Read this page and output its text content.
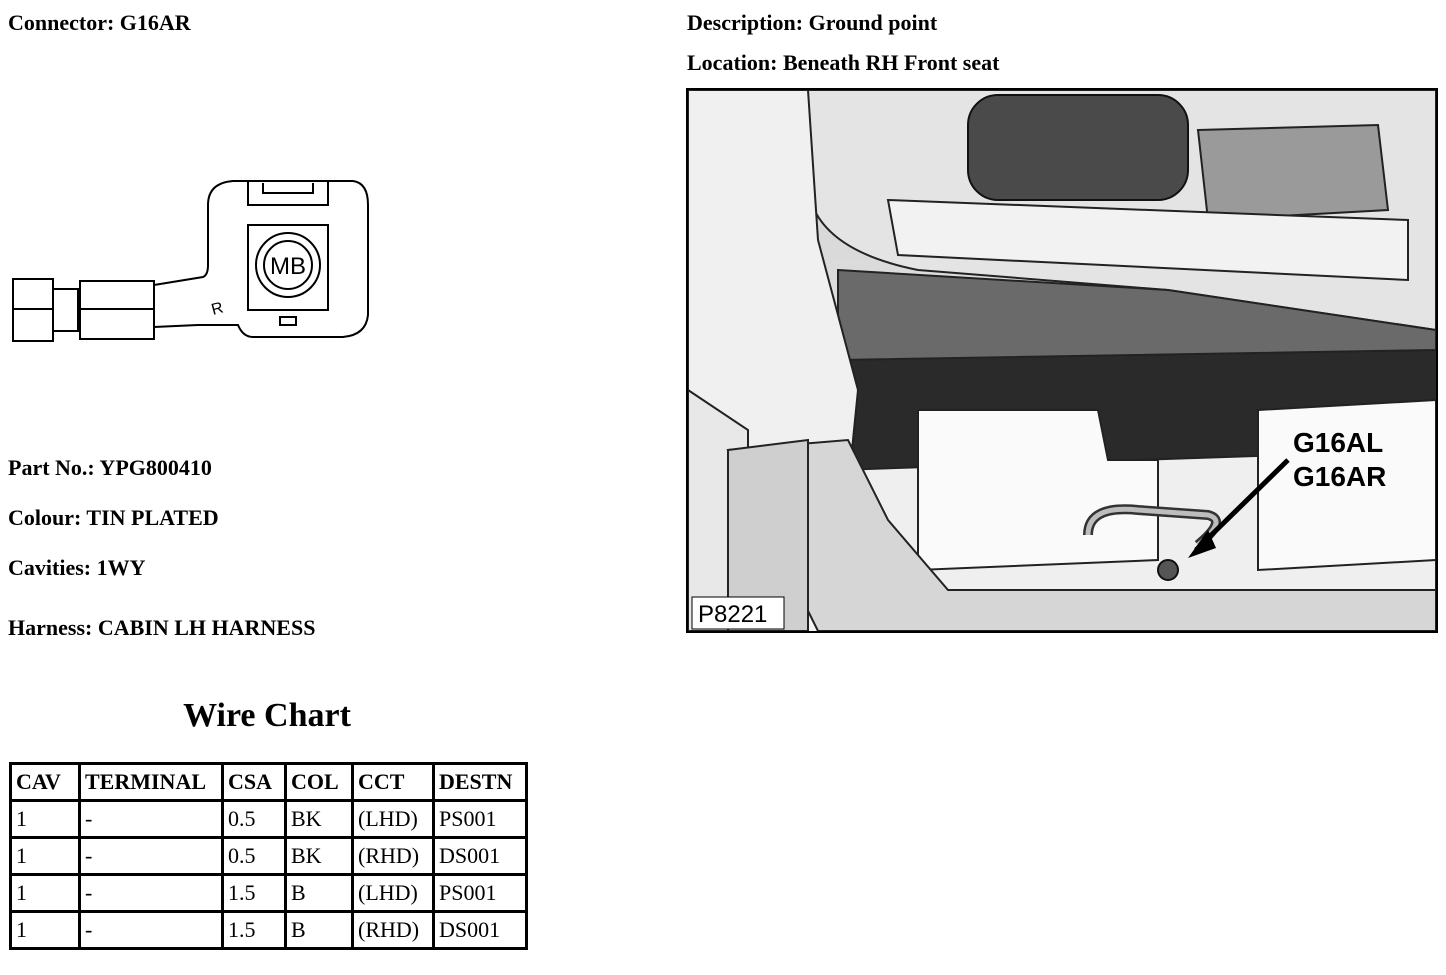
Connector: G16AR	Description: Ground point
Location: Beneath RH Front seat
MB
R
Part No.: YPG800410
Colour: TIN PLATED
Cavities: 1WY
Harness: CABIN LH HARNESS
G16AL
G16AR
P8221
Wire Chart
CAV	TERMINAL	CSA	COL	CCT	DESTN
1	-	0.5	BK	(LHD)	PS001
1	-	0.5	BK	(RHD)	DS001
1	-	1.5	B	(LHD)	PS001
1	-	1.5	B	(RHD)	DS001
